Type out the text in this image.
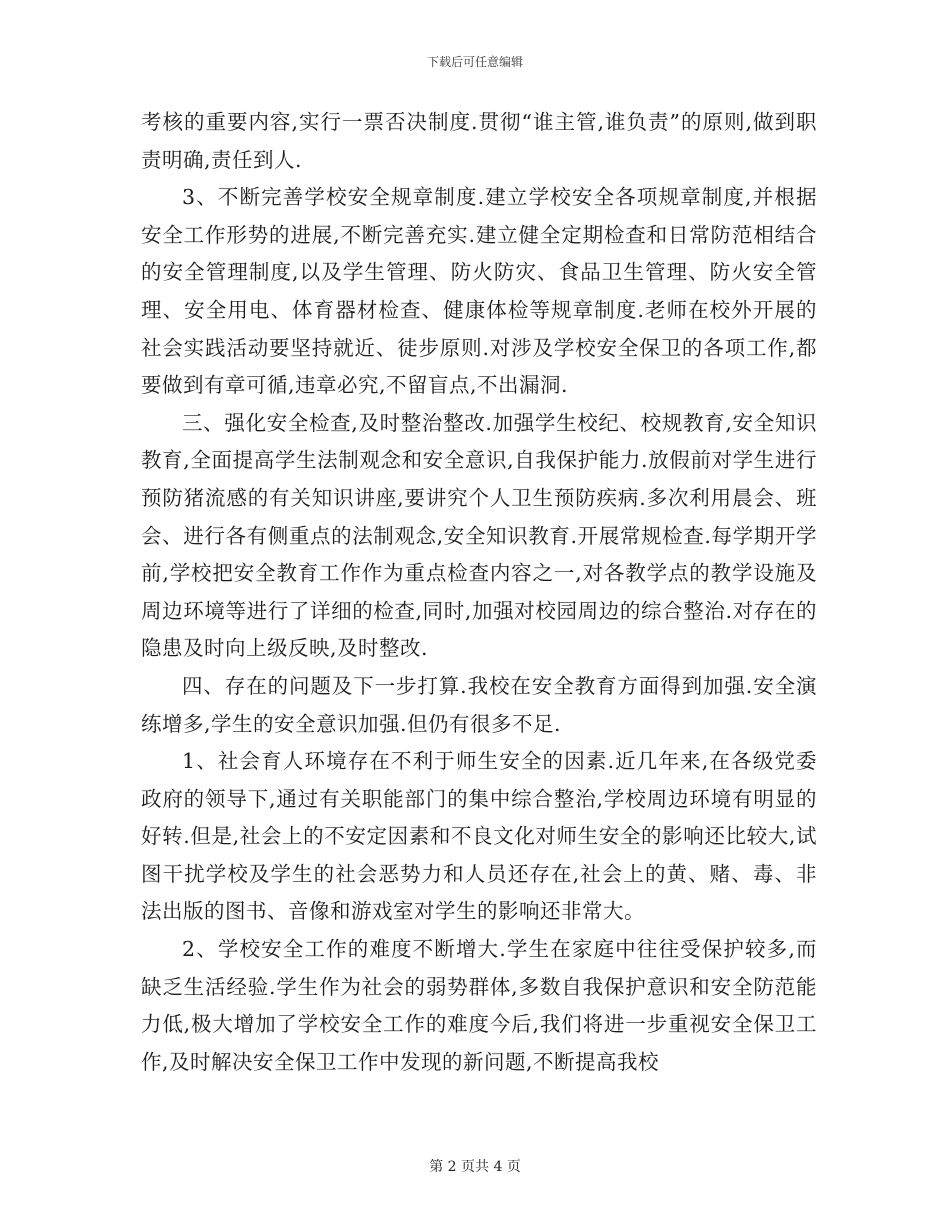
下载后可任意编辑

考核的重要内容,实行一票否决制度.贯彻“谁主管,谁负责”的原则,做到职责明确,责任到人.

3、不断完善学校安全规章制度.建立学校安全各项规章制度,并根据安全工作形势的进展,不断完善充实.建立健全定期检查和日常防范相结合的安全管理制度,以及学生管理、防火防灾、食品卫生管理、防火安全管理、安全用电、体育器材检查、健康体检等规章制度.老师在校外开展的社会实践活动要坚持就近、徒步原则.对涉及学校安全保卫的各项工作,都要做到有章可循,违章必究,不留盲点,不出漏洞.

三、强化安全检查,及时整治整改.加强学生校纪、校规教育,安全知识教育,全面提高学生法制观念和安全意识,自我保护能力.放假前对学生进行预防猪流感的有关知识讲座,要讲究个人卫生预防疾病.多次利用晨会、班会、进行各有侧重点的法制观念,安全知识教育.开展常规检查.每学期开学前,学校把安全教育工作作为重点检查内容之一,对各教学点的教学设施及周边环境等进行了详细的检查,同时,加强对校园周边的综合整治.对存在的隐患及时向上级反映,及时整改.

四、存在的问题及下一步打算.我校在安全教育方面得到加强.安全演练增多,学生的安全意识加强.但仍有很多不足.

1、社会育人环境存在不利于师生安全的因素.近几年来,在各级党委政府的领导下,通过有关职能部门的集中综合整治,学校周边环境有明显的好转.但是,社会上的不安定因素和不良文化对师生安全的影响还比较大,试图干扰学校及学生的社会恶势力和人员还存在,社会上的黄、赌、毒、非法出版的图书、音像和游戏室对学生的影响还非常大。

2、学校安全工作的难度不断增大.学生在家庭中往往受保护较多,而缺乏生活经验.学生作为社会的弱势群体,多数自我保护意识和安全防范能力低,极大增加了学校安全工作的难度今后,我们将进一步重视安全保卫工作,及时解决安全保卫工作中发现的新问题,不断提高我校

第 2 页共 4 页
